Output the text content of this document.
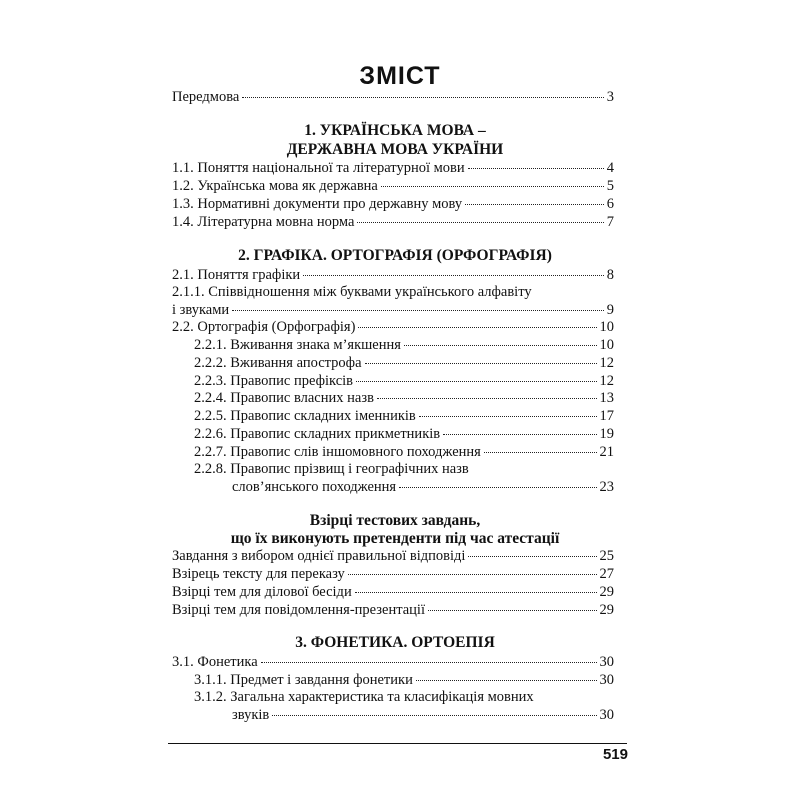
ЗМІСТ
Передмова	3
1. УКРАЇНСЬКА МОВА –
ДЕРЖАВНА МОВА УКРАЇНИ
1.1. Поняття національної та літературної мови	4
1.2. Українська мова як державна	5
1.3. Нормативні документи про державну мову	6
1.4. Літературна мовна норма	7
2. ГРАФІКА. ОРТОГРАФІЯ (ОРФОГРАФІЯ)
2.1. Поняття графіки	8
2.1.1. Співвідношення між буквами українського алфавіту
і звуками	9
2.2. Ортографія (Орфографія)	10
2.2.1. Вживання знака м’якшення	10
2.2.2. Вживання апострофа	12
2.2.3. Правопис префіксів	12
2.2.4. Правопис власних назв	13
2.2.5. Правопис складних іменників	17
2.2.6. Правопис складних прикметників	19
2.2.7. Правопис слів іншомовного походження	21
2.2.8. Правопис прізвищ і географічних назв
слов’янського походження	23
Взірці тестових завдань,
що їх виконують претенденти під час атестації
Завдання з вибором однієї правильної відповіді	25
Взірець тексту для переказу	27
Взірці тем для ділової бесіди	29
Взірці тем для повідомлення-презентації	29
3. ФОНЕТИКА. ОРТОЕПІЯ
3.1. Фонетика	30
3.1.1. Предмет і завдання фонетики	30
3.1.2. Загальна характеристика та класифікація мовних
звуків	30
519
